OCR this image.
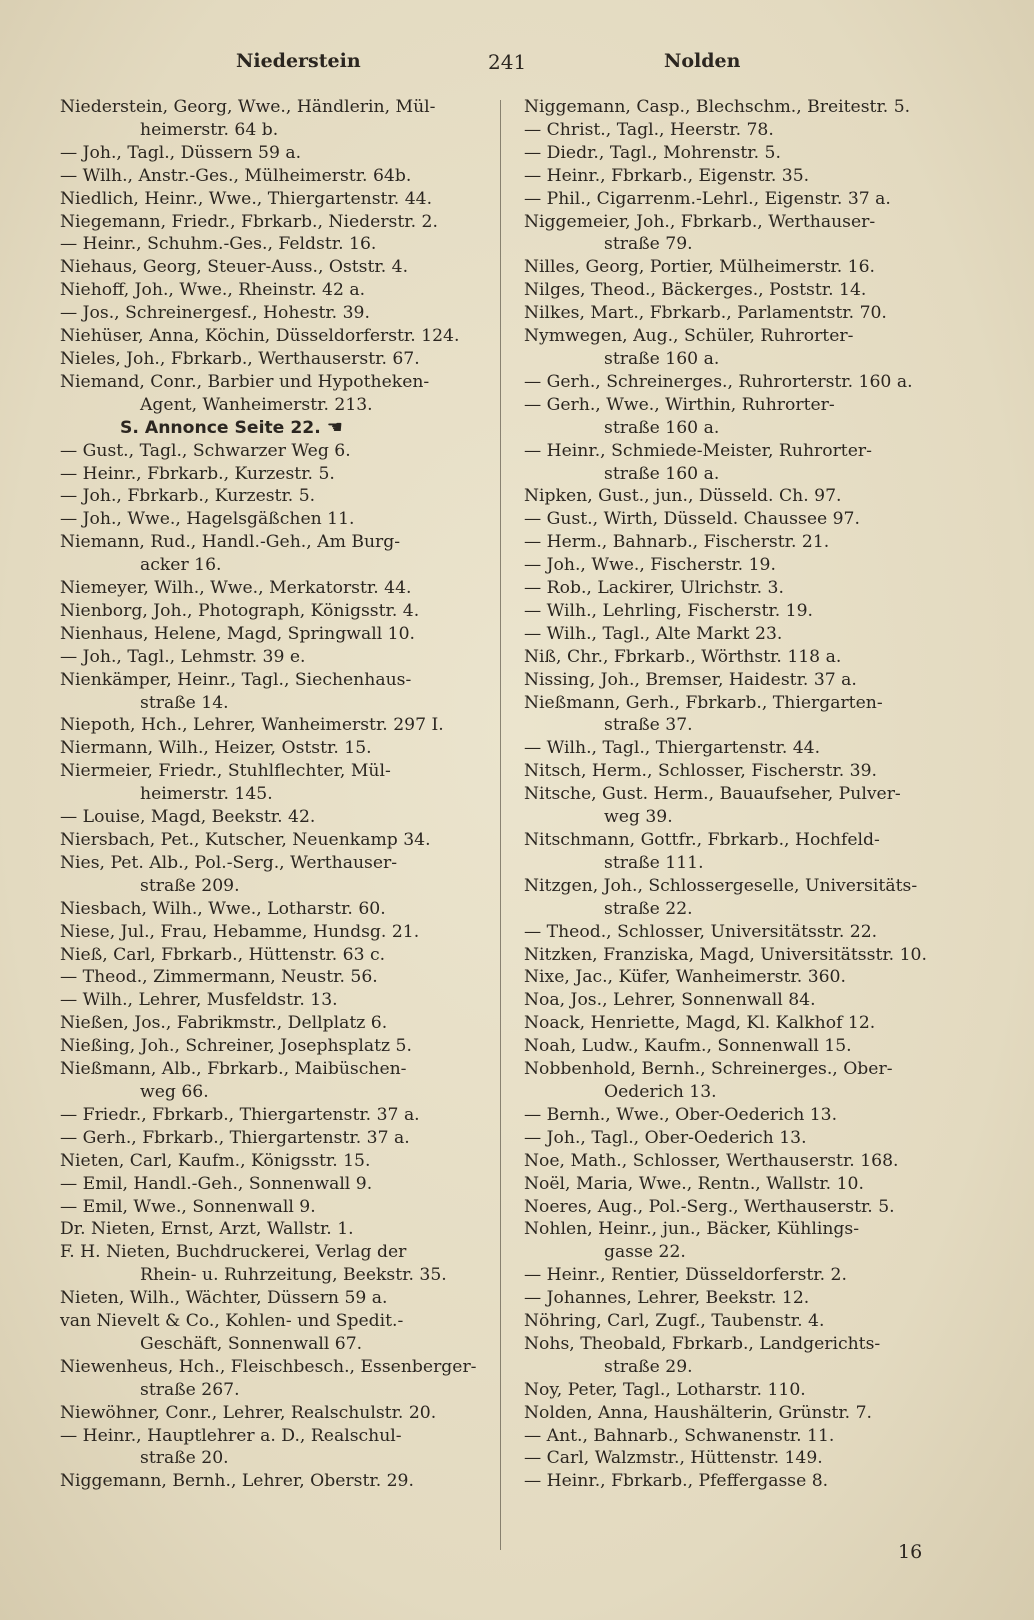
Niederstein	241	Nolden

Niederstein, Georg, Wwe., Händlerin, Mül-

heimerstr. 64 b.

— Joh., Tagl., Düssern 59 a.

— Wilh., Anstr.-Ges., Mülheimerstr. 64b.

Niedlich, Heinr., Wwe., Thiergartenstr. 44.

Niegemann, Friedr., Fbrkarb., Niederstr. 2.

— Heinr., Schuhm.-Ges., Feldstr. 16.

Niehaus, Georg, Steuer-Auss., Oststr. 4.

Niehoff, Joh., Wwe., Rheinstr. 42 a.

— Jos., Schreinergesf., Hohestr. 39.

Niehüser, Anna, Köchin, Düsseldorferstr. 124.

Nieles, Joh., Fbrkarb., Werthauserstr. 67.

Niemand, Conr., Barbier und Hypotheken-

Agent, Wanheimerstr. 213.

S. Annonce Seite 22. ☚

— Gust., Tagl., Schwarzer Weg 6.

— Heinr., Fbrkarb., Kurzestr. 5.

— Joh., Fbrkarb., Kurzestr. 5.

— Joh., Wwe., Hagelsgäßchen 11.

Niemann, Rud., Handl.-Geh., Am Burg-

acker 16.

Niemeyer, Wilh., Wwe., Merkatorstr. 44.

Nienborg, Joh., Photograph, Königsstr. 4.

Nienhaus, Helene, Magd, Springwall 10.

— Joh., Tagl., Lehmstr. 39 e.

Nienkämper, Heinr., Tagl., Siechenhaus-

straße 14.

Niepoth, Hch., Lehrer, Wanheimerstr. 297 I.

Niermann, Wilh., Heizer, Oststr. 15.

Niermeier, Friedr., Stuhlflechter, Mül-

heimerstr. 145.

— Louise, Magd, Beekstr. 42.

Niersbach, Pet., Kutscher, Neuenkamp 34.

Nies, Pet. Alb., Pol.-Serg., Werthauser-

straße 209.

Niesbach, Wilh., Wwe., Lotharstr. 60.

Niese, Jul., Frau, Hebamme, Hundsg. 21.

Nieß, Carl, Fbrkarb., Hüttenstr. 63 c.

— Theod., Zimmermann, Neustr. 56.

— Wilh., Lehrer, Musfeldstr. 13.

Nießen, Jos., Fabrikmstr., Dellplatz 6.

Nießing, Joh., Schreiner, Josephsplatz 5.

Nießmann, Alb., Fbrkarb., Maibüschen-

weg 66.

— Friedr., Fbrkarb., Thiergartenstr. 37 a.

— Gerh., Fbrkarb., Thiergartenstr. 37 a.

Nieten, Carl, Kaufm., Königsstr. 15.

— Emil, Handl.-Geh., Sonnenwall 9.

— Emil, Wwe., Sonnenwall 9.

Dr. Nieten, Ernst, Arzt, Wallstr. 1.

F. H. Nieten, Buchdruckerei, Verlag der

Rhein- u. Ruhrzeitung, Beekstr. 35.

Nieten, Wilh., Wächter, Düssern 59 a.

van Nievelt & Co., Kohlen- und Spedit.-

Geschäft, Sonnenwall 67.

Niewenheus, Hch., Fleischbesch., Essenberger-

straße 267.

Niewöhner, Conr., Lehrer, Realschulstr. 20.

— Heinr., Hauptlehrer a. D., Realschul-

straße 20.

Niggemann, Bernh., Lehrer, Oberstr. 29.

Niggemann, Casp., Blechschm., Breitestr. 5.

— Christ., Tagl., Heerstr. 78.

— Diedr., Tagl., Mohrenstr. 5.

— Heinr., Fbrkarb., Eigenstr. 35.

— Phil., Cigarrenm.-Lehrl., Eigenstr. 37 a.

Niggemeier, Joh., Fbrkarb., Werthauser-

straße 79.

Nilles, Georg, Portier, Mülheimerstr. 16.

Nilges, Theod., Bäckerges., Poststr. 14.

Nilkes, Mart., Fbrkarb., Parlamentstr. 70.

Nymwegen, Aug., Schüler, Ruhrorter-

straße 160 a.

— Gerh., Schreinerges., Ruhrorterstr. 160 a.

— Gerh., Wwe., Wirthin, Ruhrorter-

straße 160 a.

— Heinr., Schmiede-Meister, Ruhrorter-

straße 160 a.

Nipken, Gust., jun., Düsseld. Ch. 97.

— Gust., Wirth, Düsseld. Chaussee 97.

— Herm., Bahnarb., Fischerstr. 21.

— Joh., Wwe., Fischerstr. 19.

— Rob., Lackirer, Ulrichstr. 3.

— Wilh., Lehrling, Fischerstr. 19.

— Wilh., Tagl., Alte Markt 23.

Niß, Chr., Fbrkarb., Wörthstr. 118 a.

Nissing, Joh., Bremser, Haidestr. 37 a.

Nießmann, Gerh., Fbrkarb., Thiergarten-

straße 37.

— Wilh., Tagl., Thiergartenstr. 44.

Nitsch, Herm., Schlosser, Fischerstr. 39.

Nitsche, Gust. Herm., Bauaufseher, Pulver-

weg 39.

Nitschmann, Gottfr., Fbrkarb., Hochfeld-

straße 111.

Nitzgen, Joh., Schlossergeselle, Universitäts-

straße 22.

— Theod., Schlosser, Universitätsstr. 22.

Nitzken, Franziska, Magd, Universitätsstr. 10.

Nixe, Jac., Küfer, Wanheimerstr. 360.

Noa, Jos., Lehrer, Sonnenwall 84.

Noack, Henriette, Magd, Kl. Kalkhof 12.

Noah, Ludw., Kaufm., Sonnenwall 15.

Nobbenhold, Bernh., Schreinerges., Ober-

Oederich 13.

— Bernh., Wwe., Ober-Oederich 13.

— Joh., Tagl., Ober-Oederich 13.

Noe, Math., Schlosser, Werthauserstr. 168.

Noël, Maria, Wwe., Rentn., Wallstr. 10.

Noeres, Aug., Pol.-Serg., Werthauserstr. 5.

Nohlen, Heinr., jun., Bäcker, Kühlings-

gasse 22.

— Heinr., Rentier, Düsseldorferstr. 2.

— Johannes, Lehrer, Beekstr. 12.

Nöhring, Carl, Zugf., Taubenstr. 4.

Nohs, Theobald, Fbrkarb., Landgerichts-

straße 29.

Noy, Peter, Tagl., Lotharstr. 110.

Nolden, Anna, Haushälterin, Grünstr. 7.

— Ant., Bahnarb., Schwanenstr. 11.

— Carl, Walzmstr., Hüttenstr. 149.

— Heinr., Fbrkarb., Pfeffergasse 8.

16
